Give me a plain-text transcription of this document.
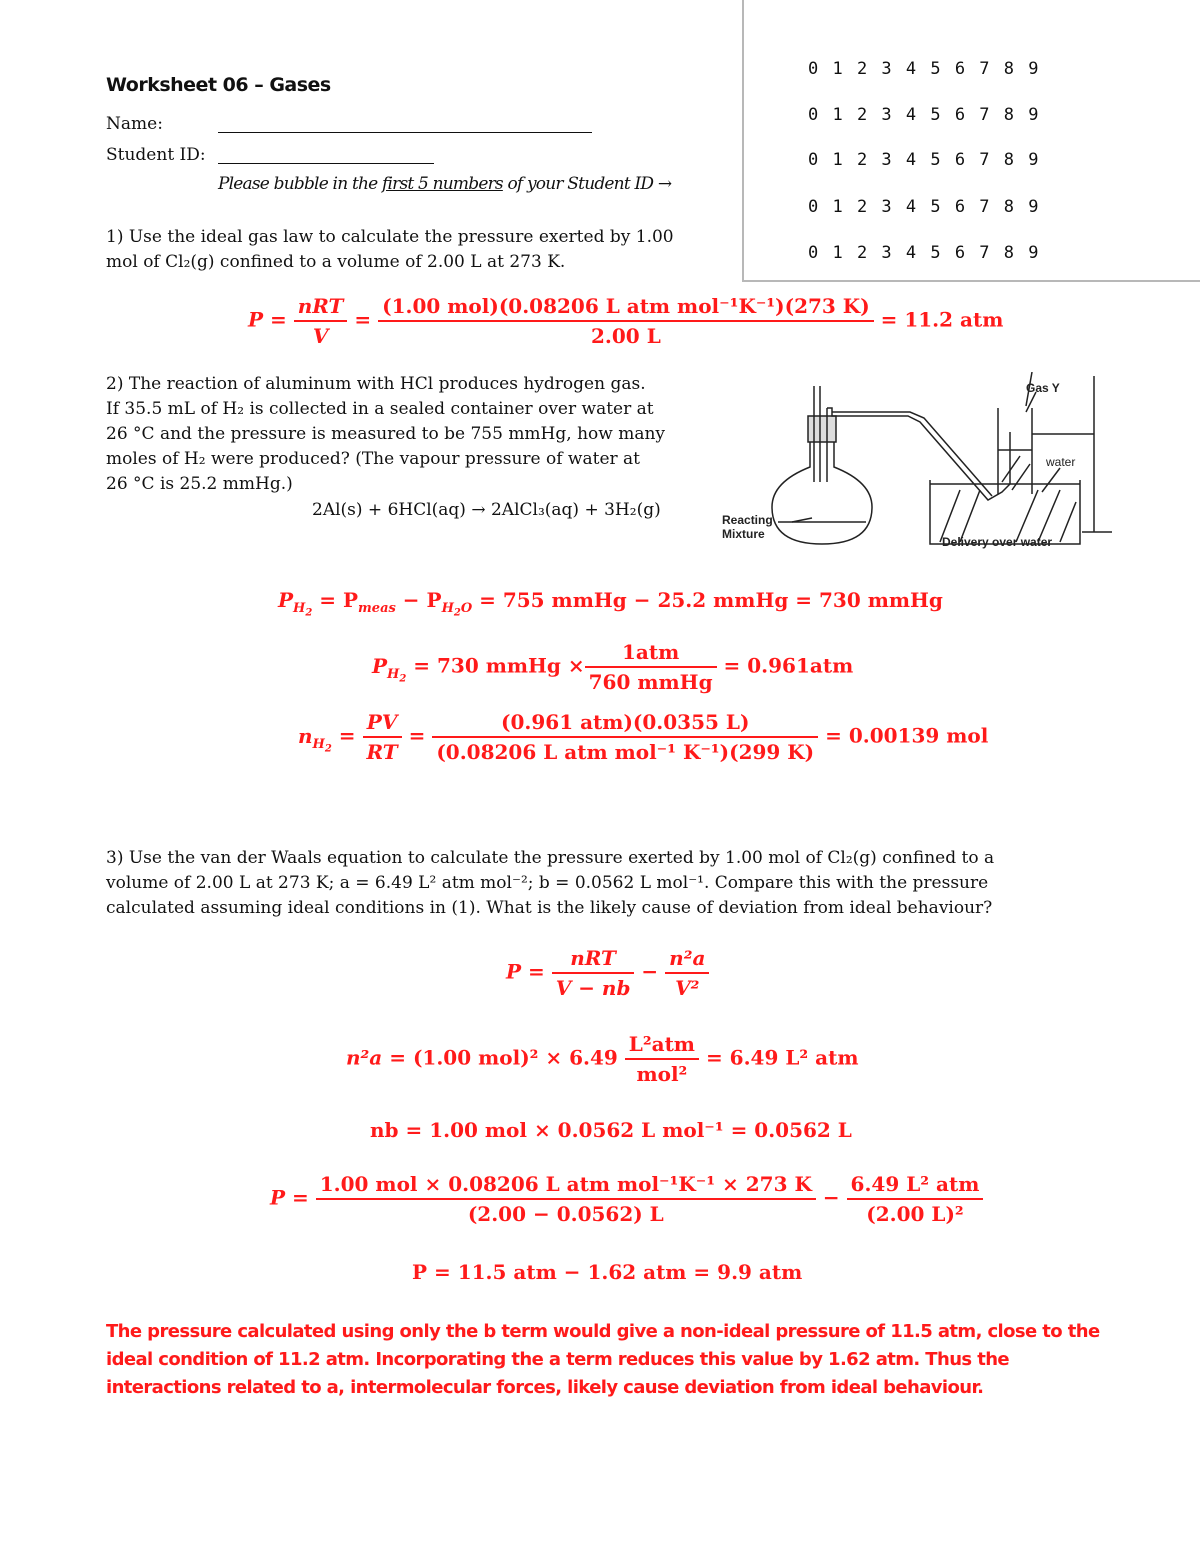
Worksheet 06 – Gases
Name:
Student ID:
Please bubble in the first 5 numbers of your Student ID →
0 1 2 3 4 5 6 7 8 9
0 1 2 3 4 5 6 7 8 9
0 1 2 3 4 5 6 7 8 9
0 1 2 3 4 5 6 7 8 9
0 1 2 3 4 5 6 7 8 9
1) Use the ideal gas law to calculate the pressure exerted by 1.00
mol of Cl₂(g) confined to a volume of 2.00 L at 273 K.
$P = \frac{\text{nRT}}{V} = \frac{\text{(1.00 mol)(0.08206 L atm mol⁻¹K⁻¹)(273 K)}}{2.00 L} = 11.2$ atm
2) The reaction of aluminum with HCl produces hydrogen gas.
If 35.5 mL of H₂ is collected in a sealed container over water at
26 °C and the pressure is measured to be 755 mmHg, how many
moles of H₂ were produced? (The vapour pressure of water at
26 °C is 25.2 mmHg.)
2Al(s) + 6HCl(aq) → 2AlCl₃(aq) + 3H₂(g)
Gas Y
water
Reacting
Mixture
Delivery over water
$P_{H_2} = P_{meas} - P_{H_2O} = 755$ mmHg − 25.2 mmHg = 730 mmHg
$P_{H_2} = 730$ mmHg × $\frac{\text{1atm}}{\text{760 mmHg}} = 0.961atm$
$n_{H_2} = \frac{PV}{RT} = \frac{\text{(0.961 atm)(0.0355 L)}}{\text{(0.08206 L atm mol⁻¹ K⁻¹)(299 K)}} = 0.00139$ mol
3) Use the van der Waals equation to calculate the pressure exerted by 1.00 mol of Cl₂(g) confined to a
volume of 2.00 L at 273 K; a = 6.49 L² atm mol⁻²; b = 0.0562 L mol⁻¹. Compare this with the pressure
calculated assuming ideal conditions in (1). What is the likely cause of deviation from ideal behaviour?
$P = \frac{\text{nRT}}{V - nb} - \frac{\text{n²a}}{\text{V²}}$
n²a = (1.00 $mol)^2 \times 6.49 \frac{\text{L²atm}}{\text{mol²}} = 6.49$ L² atm
nb = 1.00 mol × 0.0562 L mol⁻¹ = 0.0562 L
$P = \frac{\text{1.00 mol × 0.08206 L atm mol⁻¹K⁻¹ × 273 K}}{(2.00 - 0.0562) L} - \frac{\text{6.49 L² atm}}{\text{(2.00 L)²}}$
P = 11.5 atm − 1.62 atm = 9.9 atm
The pressure calculated using only the b term would give a non-ideal pressure of 11.5 atm, close to the ideal condition of 11.2 atm. Incorporating the a term reduces this value by 1.62 atm. Thus the interactions related to a, intermolecular forces, likely cause deviation from ideal behaviour.
